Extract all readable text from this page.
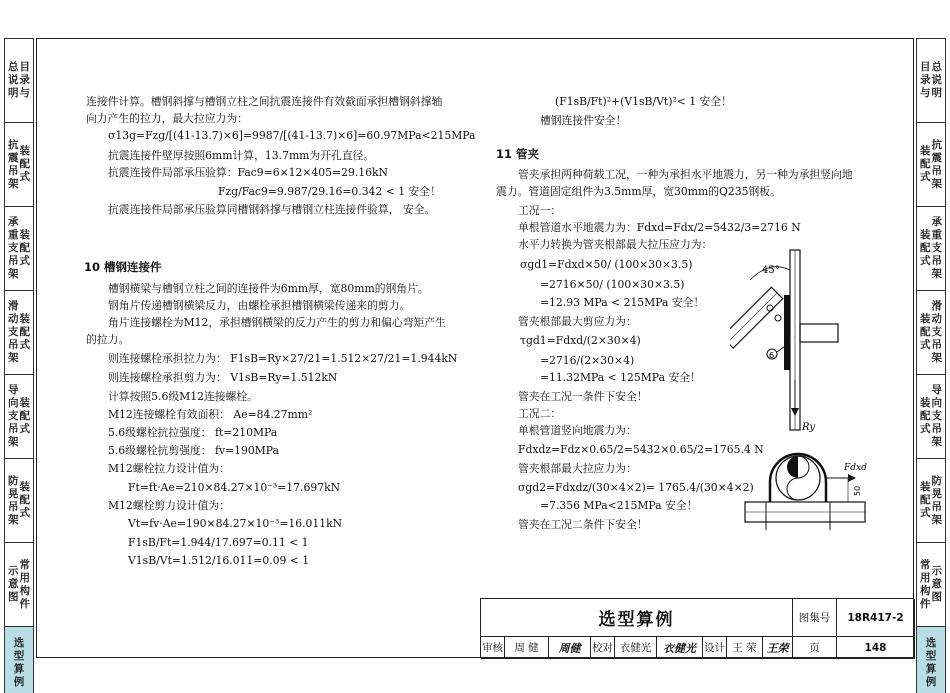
总
说
明
目
录
与
抗
震
吊
架
装
配
式
承
重
支
吊
架
装
配
式
滑
动
支
吊
架
装
配
式
导
向
支
吊
架
装
配
式
防
晃
吊
架
装
配
式
示
意
图
常
用
构
件
选
型
算
例
目
录
与
总
说
明
装
配
式
抗
震
吊
架
装
配
式
承
重
支
吊
架
装
配
式
滑
动
支
吊
架
装
配
式
导
向
支
吊
架
装
配
式
防
晃
吊
架
常
用
构
件
示
意
图
选
型
算
例
连接件计算。槽钢斜撑与槽钢立柱之间抗震连接件有效截面承担槽钢斜撑轴
向力产生的拉力，最大拉应力为：
σ13g=Fzg/[(41-13.7)×6]=9987/[(41-13.7)×6]=60.97MPa<215MPa
抗震连接件壁厚按照6mm计算，13.7mm为开孔直径。
抗震连接件局部承压验算：Fac9=6×12×405=29.16kN
Fzg/Fac9=9.987/29.16=0.342 < 1 安全！
抗震连接件局部承压验算同槽钢斜撑与槽钢立柱连接件验算， 安全。
槽钢横梁与槽钢立柱之间的连接件为6mm厚，宽80mm的钢角片。
钢角片传递槽钢横梁反力，由螺栓承担槽钢横梁传递来的剪力。
角片连接螺栓为M12，承担槽钢横梁的反力产生的剪力和偏心弯矩产生
的拉力。
则连接螺栓承担拉力为： F1sB=Ry×27/21=1.512×27/21=1.944kN
则连接螺栓承担剪力为： V1sB=Ry=1.512kN
计算按照5.6级M12连接螺栓。
M12连接螺栓有效面积： Ae=84.27mm²
5.6级螺栓抗拉强度： ft=210MPa
5.6级螺栓抗剪强度： fv=190MPa
M12螺栓拉力设计值为：
Ft=ft·Ae=210×84.27×10⁻³=17.697kN
M12螺栓剪力设计值为：
Vt=fv·Ae=190×84.27×10⁻³=16.011kN
F1sB/Ft=1.944/17.697=0.11 < 1
V1sB/Vt=1.512/16.011=0.09 < 1
10 槽钢连接件
(F1sB/Ft)²+(V1sB/Vt)²< 1 安全！
槽钢连接件安全！
11 管夹
管夹承担两种荷载工况，一种为承担水平地震力，另一种为承担竖向地
震力。管道固定组件为3.5mm厚，宽30mm的Q235钢板。
工况一：
单根管道水平地震力为：Fdxd=Fdx/2=5432/3=2716 N
水平力转换为管夹根部最大拉压应力为：
σgd1=Fdxd×50/ (100×30×3.5)
=2716×50/ (100×30×3.5)
=12.93 MPa < 215MPa 安全！
管夹根部最大剪应力为：
τgd1=Fdxd/(2×30×4)
=2716/(2×30×4)
=11.32MPa < 125MPa 安全！
管夹在工况一条件下安全！
工况二：
单根管道竖向地震力为：
Fdxdz=Fdz×0.65/2=5432×0.65/2=1765.4 N
管夹根部最大拉应力为：
σgd2=Fdxdz/(30×4×2)= 1765.4/(30×4×2)
=7.356 MPa<215MPa 安全！
管夹在工况二条件下安全！
45°
6
Ry
Fdxd
50
选型算例	图集号	18R417-2
审核	周 健	周健	校对 衣健光	衣健光 设计 王 荣 王荣	页	148
